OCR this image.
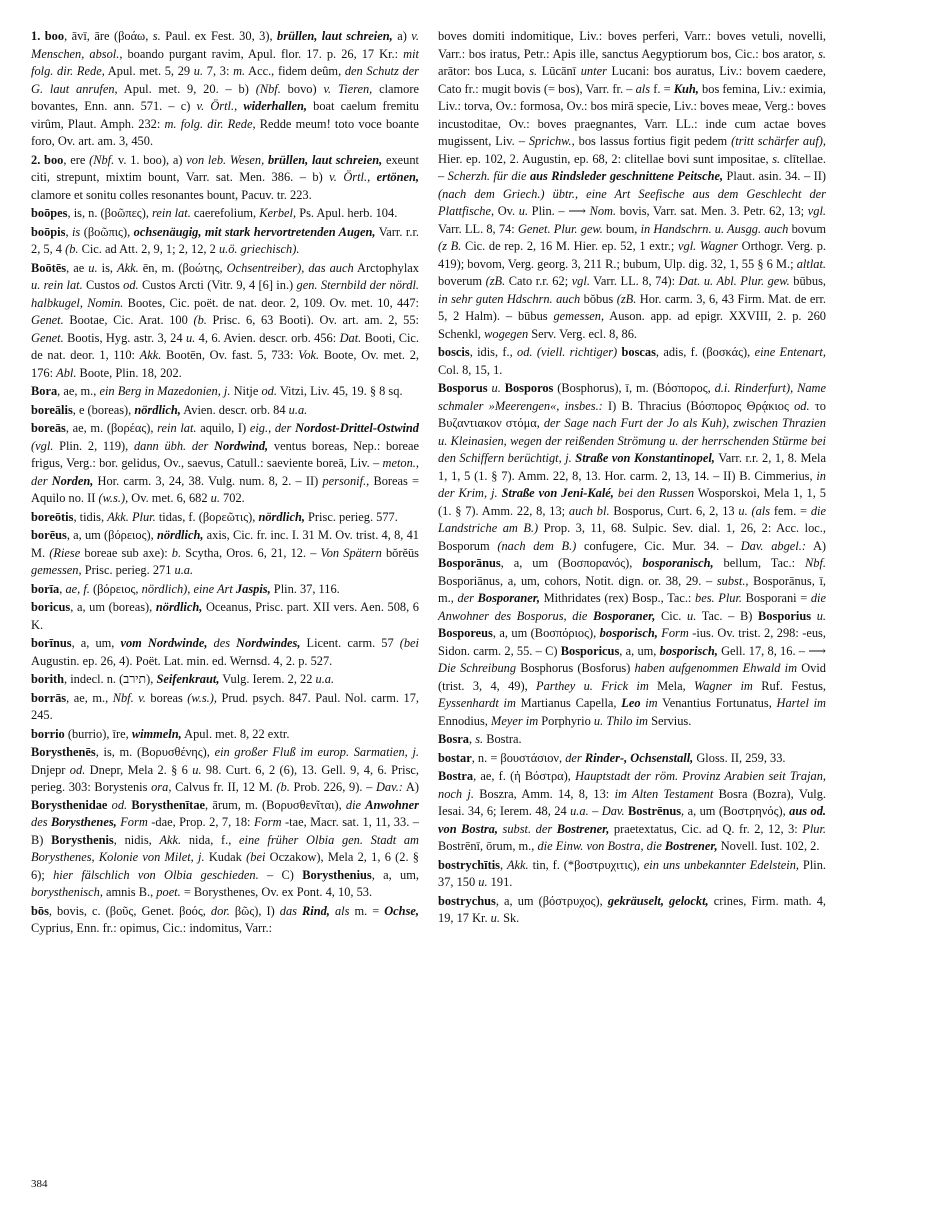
1. boo, āvī, āre (βοάω, s. Paul. ex Fest. 30, 3), brüllen, laut schreien, a) v. Menschen, absol., boando purgant ravim, Apul. flor. 17. p. 26, 17 Kr.: mit folg. dir. Rede, Apul. met. 5, 29 u. 7, 3: m. Acc., fidem deûm, den Schutz der G. laut anrufen, Apul. met. 9, 20. – b) (Nbf. bovo) v. Tieren, clamore bovantes, Enn. ann. 571. – c) v. Örtl., widerhallen, boat caelum fremitu virûm, Plaut. Amph. 232: m. folg. dir. Rede, Redde meum! toto voce boante foro, Ov. art. am. 3, 450.
2. boo, ere (Nbf. v. 1. boo), a) von leb. Wesen, brüllen, laut schreien, exeunt citi, strepunt, mixtim bount, Varr. sat. Men. 386. – b) v. Örtl., ertönen, clamore et sonitu colles resonantes bount, Pacuv. tr. 223.
boōpes, is, n. (βοῶπες), rein lat. caerefolium, Kerbel, Ps. Apul. herb. 104.
boōpis, is (βοῶπις), ochsenäugig, mit stark hervortretenden Augen, Varr. r.r. 2, 5, 4 (b. Cic. ad Att. 2, 9, 1; 2, 12, 2 u.ö. griechisch).
Boōtēs, ae u. is, Akk. ēn, m. (βοώτης, Ochsentreiber), das auch Arctophylax u. rein lat. Custos od. Custos Arcti (Vitr. 9, 4 [6] in.) gen. Sternbild der nördl. halbkugel, Nomin. Bootes, Cic. poët. de nat. deor. 2, 109. Ov. met. 10, 447: Genet. Bootae, Cic. Arat. 100 (b. Prisc. 6, 63 Booti). Ov. art. am. 2, 55: Genet. Bootis, Hyg. astr. 3, 24 u. 4, 6. Avien. descr. orb. 456: Dat. Booti, Cic. de nat. deor. 1, 110: Akk. Bootēn, Ov. fast. 5, 733: Vok. Boote, Ov. met. 2, 176: Abl. Boote, Plin. 18, 202.
Bora, ae, m., ein Berg in Mazedonien, j. Nitje od. Vitzi, Liv. 45, 19. § 8 sq.
boreālis, e (boreas), nördlich, Avien. descr. orb. 84 u.a.
boreās, ae, m. (βορέας), rein lat. aquilo, I) eig., der Nordost-Drittel-Ostwind (vgl. Plin. 2, 119), dann übh. der Nordwind, ventus boreas, Nep.: boreae frigus, Verg.: bor. gelidus, Ov., saevus, Catull.: saeviente boreā, Liv. – meton., der Norden, Hor. carm. 3, 24, 38. Vulg. num. 8, 2. – II) personif., Boreas = Aquilo no. II (w.s.), Ov. met. 6, 682 u. 702.
boreōtis, tidis, Akk. Plur. tidas, f. (βορεῶτις), nördlich, Prisc. perieg. 577.
borēus, a, um (βόρειος), nördlich, axis, Cic. fr. inc. I. 31 M. Ov. trist. 4, 8, 41 M. (Riese boreae sub axe): b. Scytha, Oros. 6, 21, 12. – Von Spätern bŏrĕūs gemessen, Prisc. perieg. 271 u.a.
borīa, ae, f. (βόρειος, nördlich), eine Art Jaspis, Plin. 37, 116.
boricus, a, um (boreas), nördlich, Oceanus, Prisc. part. XII vers. Aen. 508, 6 K.
borīnus, a, um, vom Nordwinde, des Nordwindes, Licent. carm. 57 (bei Augustin. ep. 26, 4). Poët. Lat. min. ed. Wernsd. 4, 2. p. 527.
borith, indecl. n. (תירב), Seifenkraut, Vulg. Ierem. 2, 22 u.a.
borrās, ae, m., Nbf. v. boreas (w.s.), Prud. psych. 847. Paul. Nol. carm. 17, 245.
borrio (burrio), īre, wimmeln, Apul. met. 8, 22 extr.
Borysthenēs, is, m. (Βορυσθένης), ein großer Fluß im europ. Sarmatien, j. Dnjepr od. Dnepr, Mela 2. § 6 u. 98. Curt. 6, 2 (6), 13. Gell. 9, 4, 6. Prisc, perieg. 303: Borystenis ora, Calvus fr. II, 12 M. (b. Prob. 226, 9). – Dav.: A) Borysthenidae od. Borysthenītae, ārum, m. (Βορυσθενῖται), die Anwohner des Borysthenes, Form -dae, Prop. 2, 7, 18: Form -tae, Macr. sat. 1, 11, 33. – B) Borysthenis, nidis, Akk. nida, f., eine früher Olbia gen. Stadt am Borysthenes, Kolonie von Milet, j. Kudak (bei Oczakow), Mela 2, 1, 6 (2. § 6); hier fälschlich von Olbia geschieden. – C) Borysthenius, a, um, borysthenisch, amnis B., poet. = Borysthenes, Ov. ex Pont. 4, 10, 53.
bōs, bovis, c. (βοῦς, Genet. βοός, dor. βῶς), I) das Rind, als m. = Ochse, Cyprius, Enn. fr.: opimus, Cic.: indomitus, Varr.:
boves domiti indomitique, Liv.: boves perferi, Varr.: boves vetuli, novelli, Varr.: bos iratus, Petr.: Apis ille, sanctus Aegyptiorum bos, Cic.: bos arator, s. arātor: bos Luca, s. Lūcānī unter Lucani: bos auratus, Liv.: bovem caedere, Cato fr.: mugit bovis (= bos), Varr. fr. – als f. = Kuh, bos femina, Liv.: eximia, Liv.: torva, Ov.: formosa, Ov.: bos mirā specie, Liv.: boves meae, Verg.: boves incustoditae, Ov.: boves praegnantes, Varr. LL.: inde cum actae boves mugissent, Liv. – Sprichw., bos lassus fortius figit pedem (tritt schärfer auf), Hier. ep. 102, 2. Augustin, ep. 68, 2: clitellae bovi sunt impositae, s. clītellae. – Scherzh. für die aus Rindsleder geschnittene Peitsche, Plaut. asin. 34. – II) (nach dem Griech.) übtr., eine Art Seefische aus dem Geschlecht der Plattfische, Ov. u. Plin. – ⟶ Nom. bovis, Varr. sat. Men. 3. Petr. 62, 13; vgl. Varr. LL. 8, 74: Genet. Plur. gew. boum, in Handschrn. u. Ausgg. auch bovum (z B. Cic. de rep. 2, 16 M. Hier. ep. 52, 1 extr.; vgl. Wagner Orthogr. Verg. p. 419); bovom, Verg. georg. 3, 211 R.; bubum, Ulp. dig. 32, 1, 55 § 6 M.; altlat. boverum (zB. Cato r.r. 62; vgl. Varr. LL. 8, 74): Dat. u. Abl. Plur. gew. būbus, in sehr guten Hdschrn. auch bŏbus (zB. Hor. carm. 3, 6, 43 Firm. Mat. de err. 5, 2 Halm). – būbus gemessen, Auson. app. ad epigr. XXVIII, 2. p. 260 Schenkl, wogegen Serv. Verg. ecl. 8, 86.
boscis, idis, f., od. (viell. richtiger) boscas, adis, f. (βοσκάς), eine Entenart, Col. 8, 15, 1.
Bosporus u. Bosporos (Bosphorus), ī, m. (Βόσπορος, d.i. Rinderfurt), Name schmaler »Meerengen«, insbes.: I) B. Thracius (Βόσπορος Θρᾴκιος od. το Βυζαντιακον στόμα, der Sage nach Furt der Jo als Kuh), zwischen Thrazien u. Kleinasien, wegen der reißenden Strömung u. der herrschenden Stürme bei den Schiffern berüchtigt, j. Straße von Konstantinopel, Varr. r.r. 2, 1, 8. Mela 1, 1, 5 (1. § 7). Amm. 22, 8, 13. Hor. carm. 2, 13, 14. – II) B. Cimmerius, in der Krim, j. Straße von Jeni-Kalé, bei den Russen Wosporskoi, Mela 1, 1, 5 (1. § 7). Amm. 22, 8, 13; auch bl. Bosporus, Curt. 6, 2, 13 u. (als fem. = die Landstriche am B.) Prop. 3, 11, 68. Sulpic. Sev. dial. 1, 26, 2: Acc. loc., Bosporum (nach dem B.) confugere, Cic. Mur. 34. – Dav. abgel.: A) Bosporānus, a, um (Βοσπορανός), bosporanisch, bellum, Tac.: Nbf. Bosporiānus, a, um, cohors, Notit. dign. or. 38, 29. – subst., Bosporānus, ī, m., der Bosporaner, Mithridates (rex) Bosp., Tac.: bes. Plur. Bosporani = die Anwohner des Bosporus, die Bosporaner, Cic. u. Tac. – B) Bosporius u. Bosporeus, a, um (Βοσπόριος), bosporisch, Form -ius. Ov. trist. 2, 298: -eus, Sidon. carm. 2, 55. – C) Bosporicus, a, um, bosporisch, Gell. 17, 8, 16. – ⟶ Die Schreibung Bosphorus (Bosforus) haben aufgenommen Ehwald im Ovid (trist. 3, 4, 49), Parthey u. Frick im Mela, Wagner im Ruf. Festus, Eyssenhardt im Martianus Capella, Leo im Venantius Fortunatus, Hartel im Ennodius, Meyer im Porphyrio u. Thilo im Servius.
Bosra, s. Bostra.
bostar, n. = βουστάσιον, der Rinder-, Ochsenstall, Gloss. II, 259, 33.
Bostra, ae, f. (ἡ Βόστρα), Hauptstadt der röm. Provinz Arabien seit Trajan, noch j. Boszra, Amm. 14, 8, 13: im Alten Testament Bosra (Bozra), Vulg. Iesai. 34, 6; Ierem. 48, 24 u.a. – Dav. Bostrēnus, a, um (Βοστρηνός), aus od. von Bostra, subst. der Bostrener, praetextatus, Cic. ad Q. fr. 2, 12, 3: Plur. Bostrēnī, ōrum, m., die Einw. von Bostra, die Bostrener, Novell. Iust. 102, 2.
bostrychītis, Akk. tin, f. (*βοστρυχιτις), ein uns unbekannter Edelstein, Plin. 37, 150 u. 191.
bostrychus, a, um (βόστρυχος), gekräuselt, gelockt, crines, Firm. math. 4, 19, 17 Kr. u. Sk.
384
